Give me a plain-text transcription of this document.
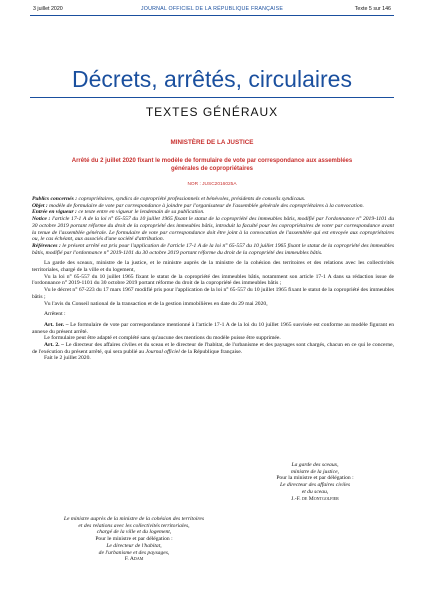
3 juillet 2020	JOURNAL OFFICIEL DE LA RÉPUBLIQUE FRANÇAISE	Texte 5 sur 146
Décrets, arrêtés, circulaires
TEXTES GÉNÉRAUX
MINISTÈRE DE LA JUSTICE
Arrêté du 2 juillet 2020 fixant le modèle de formulaire de vote par correspondance aux assemblées générales de copropriétaires
NOR : JUSC2016025A

Publics concernés : copropriétaires, syndics de copropriété professionnels et bénévoles, présidents de conseils syndicaux.

Objet : modèle de formulaire de vote par correspondance à joindre par l'organisateur de l'assemblée générale des copropriétaires à la convocation.

Entrée en vigueur : ce texte entre en vigueur le lendemain de sa publication.

Notice : l'article 17-1 A de la loi n° 65-557 du 10 juillet 1965 fixant le statut de la copropriété des immeubles bâtis, modifié par l'ordonnance n° 2019-1101 du 30 octobre 2019 portant réforme du droit de la copropriété des immeubles bâtis, introduit la faculté pour les copropriétaires de voter par correspondance avant la tenue de l'assemblée générale. Le formulaire de vote par correspondance doit être joint à la convocation de l'assemblée qui est envoyée aux copropriétaires ou, le cas échéant, aux associés d'une société d'attribution.

Références : le présent arrêté est pris pour l'application de l'article 17-1 A de la loi n° 65-557 du 10 juillet 1965 fixant le statut de la copropriété des immeubles bâtis, modifié par l'ordonnance n° 2019-1101 du 30 octobre 2019 portant réforme du droit de la copropriété des immeubles bâtis.

La garde des sceaux, ministre de la justice, et le ministre auprès de la ministre de la cohésion des territoires et des relations avec les collectivités territoriales, chargé de la ville et du logement,

Vu la loi n° 65-557 du 10 juillet 1965 fixant le statut de la copropriété des immeubles bâtis, notamment son article 17-1 A dans sa rédaction issue de l'ordonnance n° 2019-1101 du 30 octobre 2019 portant réforme du droit de la copropriété des immeubles bâtis ;

Vu le décret n° 67-223 du 17 mars 1967 modifié pris pour l'application de la loi n° 65-557 du 10 juillet 1965 fixant le statut de la copropriété des immeubles bâtis ;

Vu l'avis du Conseil national de la transaction et de la gestion immobilières en date du 29 mai 2020,

Arrêtent :

Art. 1er. – Le formulaire de vote par correspondance mentionné à l'article 17-1 A de la loi du 10 juillet 1965 susvisée est conforme au modèle figurant en annexe du présent arrêté.

Le formulaire peut être adapté et complété sans qu'aucune des mentions du modèle puisse être supprimée.

Art. 2. – Le directeur des affaires civiles et du sceau et le directeur de l'habitat, de l'urbanisme et des paysages sont chargés, chacun en ce qui le concerne, de l'exécution du présent arrêté, qui sera publié au Journal officiel de la République française.

Fait le 2 juillet 2020.

La garde des sceaux,
ministre de la justice,
Pour la ministre et par délégation :
Le directeur des affaires civiles
et du sceau,
J.-F. de Montgolfier
Le ministre auprès de la ministre de la cohésion des territoires
et des relations avec les collectivités territoriales,
chargé de la ville et du logement,
Pour le ministre et par délégation :
Le directeur de l'habitat,
de l'urbanisme et des paysages,
F. Adam
